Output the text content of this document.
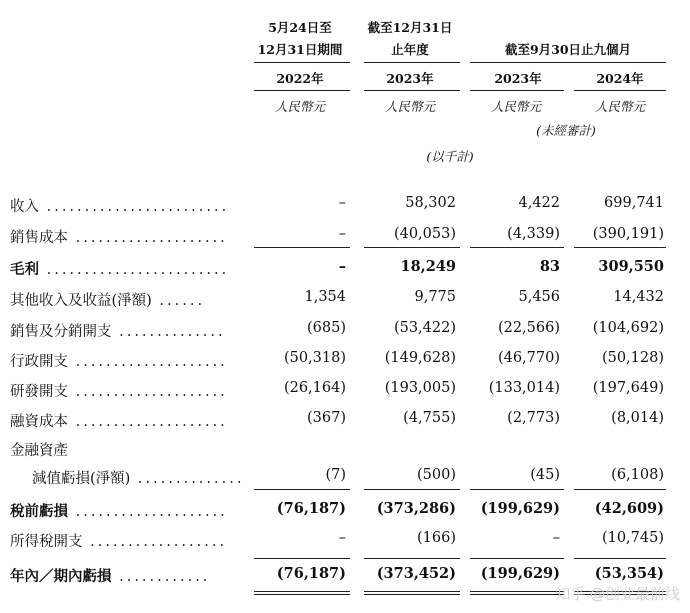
5月24日至
12月31日期間
截至12月31日
止年度	截至9月30日止九個月
2022年	2023年	2023年	2024年
人民幣元	人民幣元	人民幣元	人民幣元
(未經審計)
(以千計)
收入 ........................	–	58,302	4,422	699,741
銷售成本 ....................	–	(40,053)	(4,339) (390,191)
毛利 ........................	–	18,249	83	309,550
其他收入及收益(淨額) ......	1,354	9,775	5,456	14,432
銷售及分銷開支 ..............	(685)	(53,422)	(22,566) (104,692)
行政開支 ....................	(50,318)	(149,628)	(46,770)	(50,128)
研發開支 ....................	(26,164)	(193,005) (133,014) (197,649)
融資成本 ....................	(367)	(4,755)	(2,773)	(8,014)
金融資產
減值虧損(淨額) ..............	(7)	(500)	(45)	(6,108)
稅前虧損 ....................	(76,187) (373,286) (199,629) (42,609)
所得稅開支 ..................	–	(166)	–	(10,745)
年內／期內虧損 ............	(76,187) (373,452) (199,629) (53,354)
知乎 @创业最前线
